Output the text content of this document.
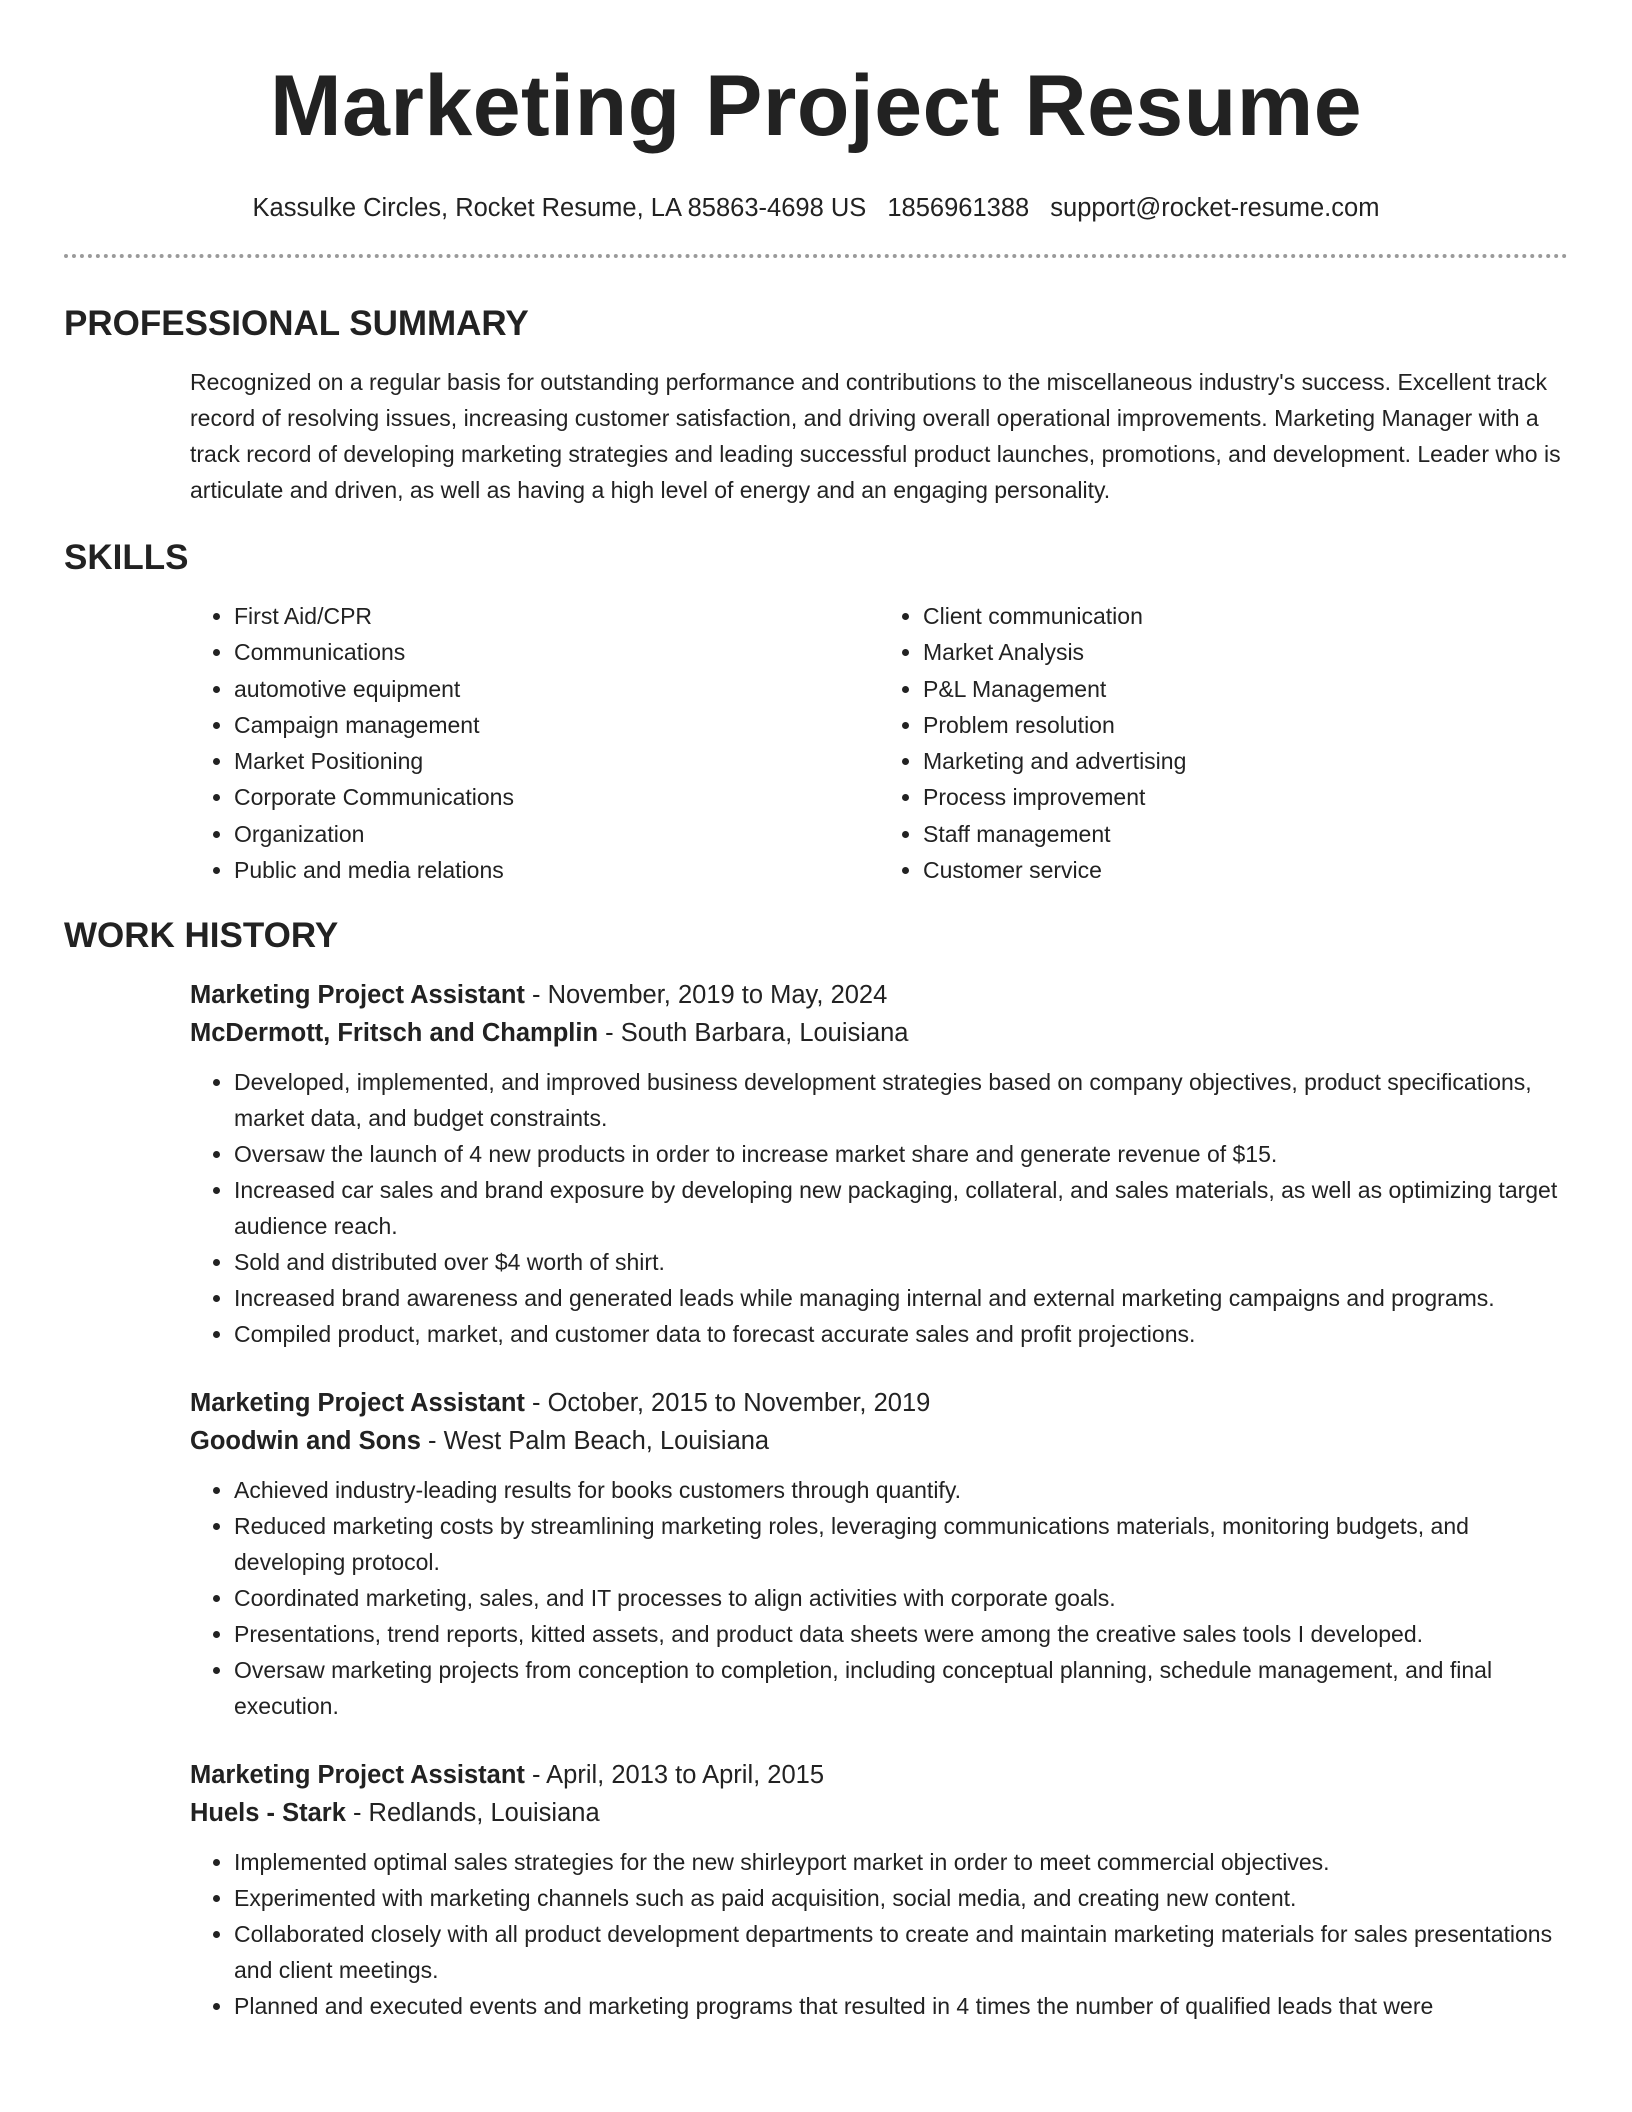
Marketing Project Resume
Kassulke Circles, Rocket Resume, LA 85863-4698 US 1856961388 support@rocket-resume.com
PROFESSIONAL SUMMARY

Recognized on a regular basis for outstanding performance and contributions to the miscellaneous industry's success. Excellent track record of resolving issues, increasing customer satisfaction, and driving overall operational improvements. Marketing Manager with a track record of developing marketing strategies and leading successful product launches, promotions, and development. Leader who is articulate and driven, as well as having a high level of energy and an engaging personality.

SKILLS
• First Aid/CPR
• Communications
• automotive equipment
• Campaign management
• Market Positioning
• Corporate Communications
• Organization
• Public and media relations
• Client communication
• Market Analysis
• P&L Management
• Problem resolution
• Marketing and advertising
• Process improvement
• Staff management
• Customer service
WORK HISTORY
Marketing Project Assistant - November, 2019 to May, 2024
McDermott, Fritsch and Champlin - South Barbara, Louisiana
• Developed, implemented, and improved business development strategies based on company objectives, product specifications, market data, and budget constraints.
• Oversaw the launch of 4 new products in order to increase market share and generate revenue of $15.
• Increased car sales and brand exposure by developing new packaging, collateral, and sales materials, as well as optimizing target audience reach.
• Sold and distributed over $4 worth of shirt.
• Increased brand awareness and generated leads while managing internal and external marketing campaigns and programs.
• Compiled product, market, and customer data to forecast accurate sales and profit projections.
Marketing Project Assistant - October, 2015 to November, 2019
Goodwin and Sons - West Palm Beach, Louisiana
• Achieved industry-leading results for books customers through quantify.
• Reduced marketing costs by streamlining marketing roles, leveraging communications materials, monitoring budgets, and developing protocol.
• Coordinated marketing, sales, and IT processes to align activities with corporate goals.
• Presentations, trend reports, kitted assets, and product data sheets were among the creative sales tools I developed.
• Oversaw marketing projects from conception to completion, including conceptual planning, schedule management, and final execution.
Marketing Project Assistant - April, 2013 to April, 2015
Huels - Stark - Redlands, Louisiana
• Implemented optimal sales strategies for the new shirleyport market in order to meet commercial objectives.
• Experimented with marketing channels such as paid acquisition, social media, and creating new content.
• Collaborated closely with all product development departments to create and maintain marketing materials for sales presentations and client meetings.
• Planned and executed events and marketing programs that resulted in 4 times the number of qualified leads that were
